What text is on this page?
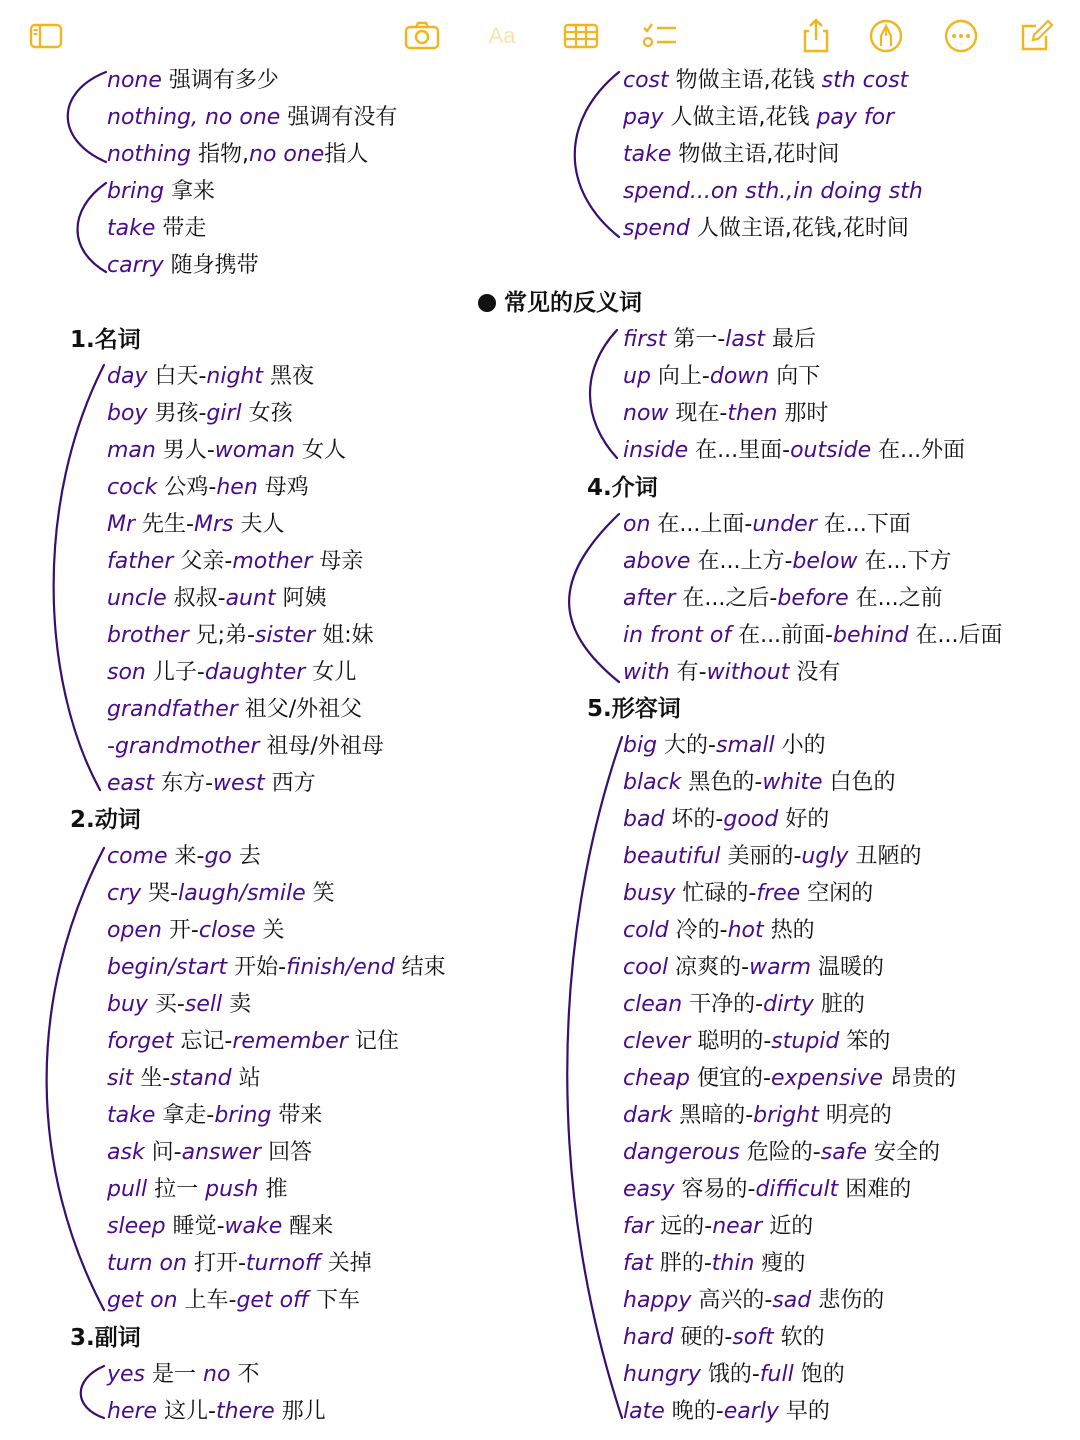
Aa
none 强调有多少
nothing, no one 强调有没有
nothing 指物,no one指人
bring 拿来
take 带走
carry 随身携带
cost 物做主语,花钱 sth cost
pay 人做主语,花钱 pay for
take 物做主语,花时间
spend...on sth.,in doing sth
spend 人做主语,花钱,花时间
常见的反义词
1.名词
2.动词
3.副词
4.介词
5.形容词
day 白天-night 黑夜
boy 男孩-girl 女孩
man 男人-woman 女人
cock 公鸡-hen 母鸡
Mr 先生-Mrs 夫人
father 父亲-mother 母亲
uncle 叔叔-aunt 阿姨
brother 兄;弟-sister 姐:妹
son 儿子-daughter 女儿
grandfather 祖父/外祖父
-grandmother 祖母/外祖母
east 东方-west 西方
come 来-go 去
cry 哭-laugh/smile 笑
open 开-close 关
begin/start 开始-finish/end 结束
buy 买-sell 卖
forget 忘记-remember 记住
sit 坐-stand 站
take 拿走-bring 带来
ask 问-answer 回答
pull 拉一 push 推
sleep 睡觉-wake 醒来
turn on 打开-turnoff 关掉
get on 上车-get off 下车
yes 是一 no 不
here 这儿-there 那儿
first 第一-last 最后
up 向上-down 向下
now 现在-then 那时
inside 在...里面-outside 在...外面
on 在...上面-under 在...下面
above 在...上方-below 在...下方
after 在...之后-before 在...之前
in front of 在...前面-behind 在...后面
with 有-without 没有
big 大的-small 小的
black 黑色的-white 白色的
bad 坏的-good 好的
beautiful 美丽的-ugly 丑陋的
busy 忙碌的-free 空闲的
cold 冷的-hot 热的
cool 凉爽的-warm 温暖的
clean 干净的-dirty 脏的
clever 聪明的-stupid 笨的
cheap 便宜的-expensive 昂贵的
dark 黑暗的-bright 明亮的
dangerous 危险的-safe 安全的
easy 容易的-difficult 困难的
far 远的-near 近的
fat 胖的-thin 瘦的
happy 高兴的-sad 悲伤的
hard 硬的-soft 软的
hungry 饿的-full 饱的
late 晚的-early 早的
